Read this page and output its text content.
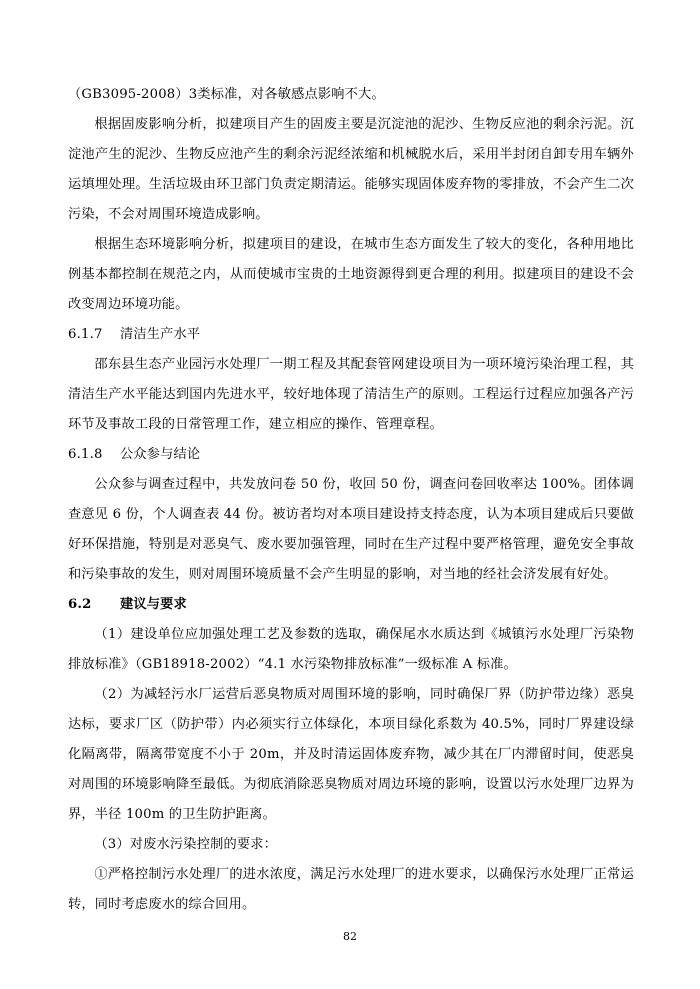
（GB3095-2008）3类标准，对各敏感点影响不大。

根据固废影响分析，拟建项目产生的固废主要是沉淀池的泥沙、生物反应池的剩余污泥。沉淀池产生的泥沙、生物反应池产生的剩余污泥经浓缩和机械脱水后，采用半封闭自卸专用车辆外运填埋处理。生活垃圾由环卫部门负责定期清运。能够实现固体废弃物的零排放，不会产生二次污染，不会对周围环境造成影响。

根据生态环境影响分析，拟建项目的建设，在城市生态方面发生了较大的变化，各种用地比例基本都控制在规范之内，从而使城市宝贵的土地资源得到更合理的利用。拟建项目的建设不会改变周边环境功能。

6.1.7 清洁生产水平

邵东县生态产业园污水处理厂一期工程及其配套管网建设项目为一项环境污染治理工程，其清洁生产水平能达到国内先进水平，较好地体现了清洁生产的原则。工程运行过程应加强各产污环节及事故工段的日常管理工作，建立相应的操作、管理章程。

6.1.8 公众参与结论

公众参与调查过程中，共发放问卷 50 份，收回 50 份，调查问卷回收率达 100%。团体调查意见 6 份，个人调查表 44 份。被访者均对本项目建设持支持态度，认为本项目建成后只要做好环保措施，特别是对恶臭气、废水要加强管理，同时在生产过程中要严格管理，避免安全事故和污染事故的发生，则对周围环境质量不会产生明显的影响，对当地的经社会济发展有好处。

6.2 建议与要求

（1）建设单位应加强处理工艺及参数的选取，确保尾水水质达到《城镇污水处理厂污染物排放标准》（GB18918-2002）“4.1 水污染物排放标准”一级标准 A 标准。

（2）为减轻污水厂运营后恶臭物质对周围环境的影响，同时确保厂界（防护带边缘）恶臭达标，要求厂区（防护带）内必须实行立体绿化，本项目绿化系数为 40.5%，同时厂界建设绿化隔离带，隔离带宽度不小于 20m，并及时清运固体废弃物，减少其在厂内滞留时间，使恶臭对周围的环境影响降至最低。为彻底消除恶臭物质对周边环境的影响，设置以污水处理厂边界为界，半径 100m 的卫生防护距离。

（3）对废水污染控制的要求：

①严格控制污水处理厂的进水浓度，满足污水处理厂的进水要求，以确保污水处理厂正常运转，同时考虑废水的综合回用。

82
